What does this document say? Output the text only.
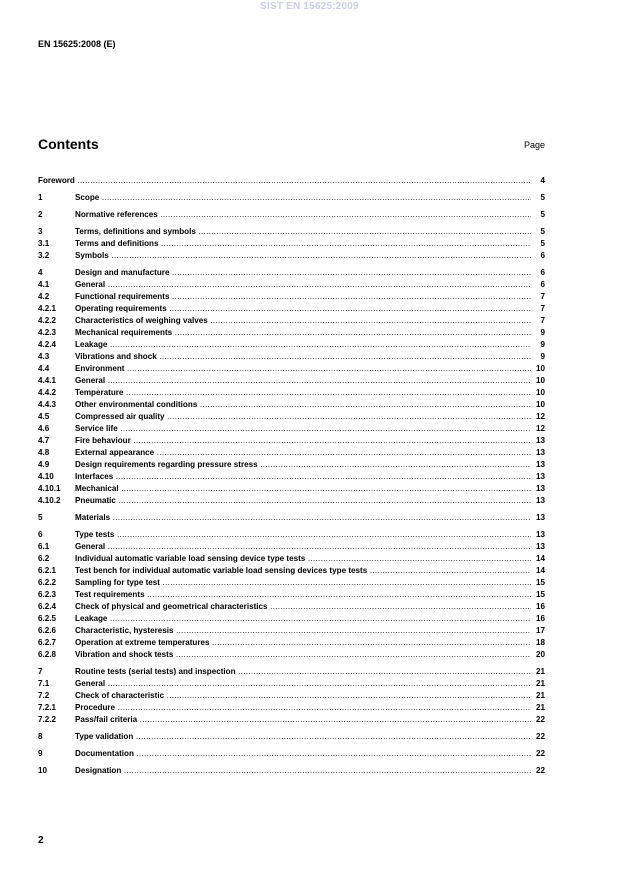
SIST EN 15625:2009
EN 15625:2008 (E)
Contents	Page
Foreword .....	4
1	Scope .....	5
2	Normative references .....	5
3	Terms, definitions and symbols .....	5
3.1	Terms and definitions .....	5
3.2	Symbols .....	6
4	Design and manufacture .....	6
4.1	General .....	6
4.2	Functional requirements .....	7
4.2.1 Operating requirements .....	7
4.2.2 Characteristics of weighing valves .....	7
4.2.3 Mechanical requirements .....	9
4.2.4 Leakage .....	9
4.3	Vibrations and shock .....	9
4.4	Environment .....	10
4.4.1 General .....	10
4.4.2 Temperature .....	10
4.4.3 Other environmental conditions .....	10
4.5	Compressed air quality .....	12
4.6	Service life .....	12
4.7	Fire behaviour .....	13
4.8	External appearance .....	13
4.9	Design requirements regarding pressure stress .....	13
4.10	Interfaces .....	13
4.10.1 Mechanical .....	13
4.10.2 Pneumatic .....	13
5	Materials .....	13
6	Type tests .....	13
6.1	General .....	13
6.2	Individual automatic variable load sensing device type tests .....	14
6.2.1 Test bench for individual automatic variable load sensing devices type tests .....	14
6.2.2 Sampling for type test .....	15
6.2.3 Test requirements .....	15
6.2.4 Check of physical and geometrical characteristics .....	16
6.2.5 Leakage .....	16
6.2.6 Characteristic, hysteresis .....	17
6.2.7 Operation at extreme temperatures .....	18
6.2.8 Vibration and shock tests .....	20
7	Routine tests (serial tests) and inspection .....	21
7.1	General .....	21
7.2	Check of characteristic .....	21
7.2.1 Procedure .....	21
7.2.2 Pass/fail criteria .....	22
8	Type validation .....	22
9	Documentation .....	22
10	Designation .....	22
2
